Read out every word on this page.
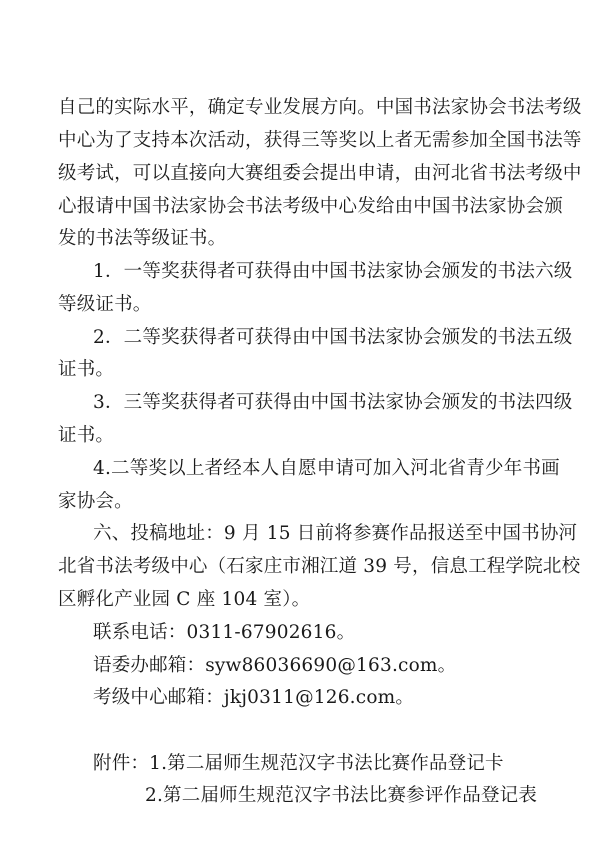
自己的实际水平，确定专业发展方向。中国书法家协会书法考级
中心为了支持本次活动，获得三等奖以上者无需参加全国书法等
级考试，可以直接向大赛组委会提出申请，由河北省书法考级中
心报请中国书法家协会书法考级中心发给由中国书法家协会颁
发的书法等级证书。
1．一等奖获得者可获得由中国书法家协会颁发的书法六级
等级证书。
2．二等奖获得者可获得由中国书法家协会颁发的书法五级
证书。
3．三等奖获得者可获得由中国书法家协会颁发的书法四级
证书。
4.二等奖以上者经本人自愿申请可加入河北省青少年书画
家协会。
六、投稿地址：9 月 15 日前将参赛作品报送至中国书协河
北省书法考级中心（石家庄市湘江道 39 号，信息工程学院北校
区孵化产业园 C 座 104 室）。
联系电话：0311-67902616。
语委办邮箱：syw86036690@163.com。
考级中心邮箱：jkj0311@126.com。
附件：1.第二届师生规范汉字书法比赛作品登记卡
2.第二届师生规范汉字书法比赛参评作品登记表
